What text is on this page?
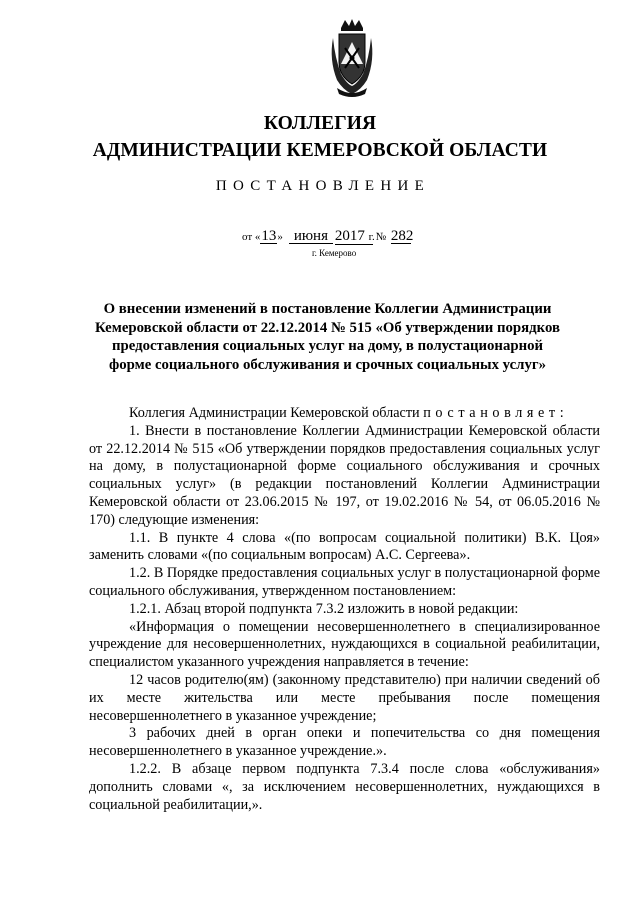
КОЛЛЕГИЯ
АДМИНИСТРАЦИИ КЕМЕРОВСКОЙ ОБЛАСТИ
ПОСТАНОВЛЕНИЕ
от «13» июня 2017 г. № 282
г. Кемерово
О внесении изменений в постановление Коллегии Администрации Кемеровской области от 22.12.2014 № 515 «Об утверждении порядков предоставления социальных услуг на дому, в полустационарной форме социального обслуживания и срочных социальных услуг»

Коллегия Администрации Кемеровской области постановляет:

1. Внести в постановление Коллегии Администрации Кемеровской области от 22.12.2014 № 515 «Об утверждении порядков предоставления социальных услуг на дому, в полустационарной форме социального обслуживания и срочных социальных услуг» (в редакции постановлений Коллегии Администрации Кемеровской области от 23.06.2015 № 197, от 19.02.2016 № 54, от 06.05.2016 № 170) следующие изменения:

1.1. В пункте 4 слова «(по вопросам социальной политики) В.К. Цоя» заменить словами «(по социальным вопросам) А.С. Сергеева».

1.2. В Порядке предоставления социальных услуг в полустационарной форме социального обслуживания, утвержденном постановлением:

1.2.1. Абзац второй подпункта 7.3.2 изложить в новой редакции:

«Информация о помещении несовершеннолетнего в специализированное учреждение для несовершеннолетних, нуждающихся в социальной реабилитации, специалистом указанного учреждения направляется в течение:

12 часов родителю(ям) (законному представителю) при наличии сведений об их месте жительства или месте пребывания после помещения несовершеннолетнего в указанное учреждение;

3 рабочих дней в орган опеки и попечительства со дня помещения несовершеннолетнего в указанное учреждение.».

1.2.2. В абзаце первом подпункта 7.3.4 после слова «обслуживания» дополнить словами «, за исключением несовершеннолетних, нуждающихся в социальной реабилитации,».
